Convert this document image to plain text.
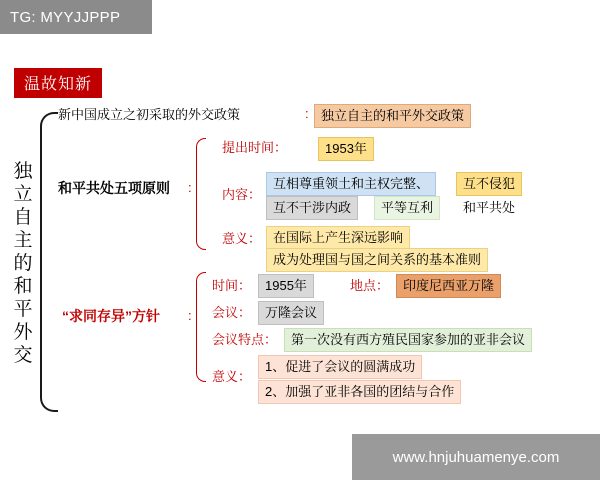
TG: MYYJJPPP
www.hnjuhuamenye.com
温故知新
独
立
自
主
的
和
平
外
交
新中国成立之初采取的外交政策	: 独立自主的和平外交政策
和平共处五项原则 :
提出时间：	1953年
内容：
互相尊重领土和主权完整、	互不侵犯
互不干涉内政	平等互利	和平共处
意义： 在国际上产生深远影响
成为处理国与国之间关系的基本准则
“求同存异”方针 :
时间：	1955年	地点：	印度尼西亚万隆
会议：	万隆会议
会议特点：	第一次没有西方殖民国家参加的亚非会议
意义：
1、促进了会议的圆满成功
2、加强了亚非各国的团结与合作
